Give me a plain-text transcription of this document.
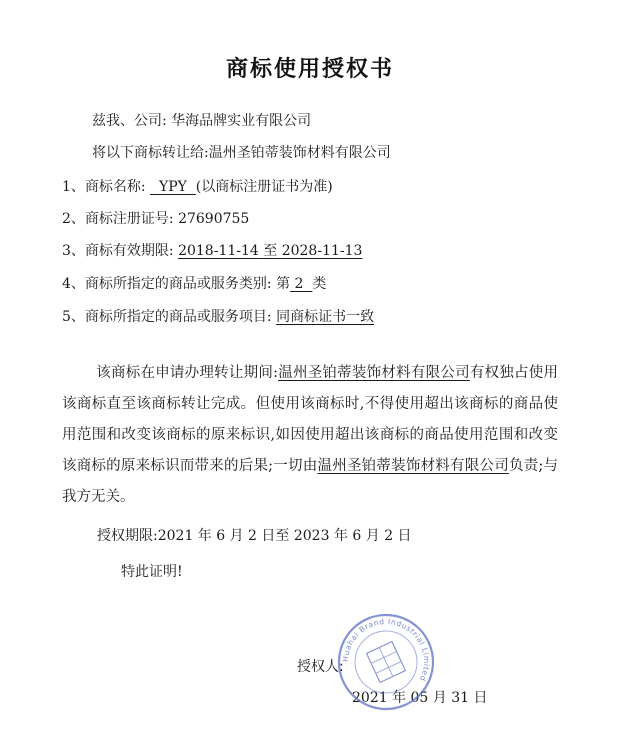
商标使用授权书
兹我、公司: 华海品牌实业有限公司
将以下商标转让给:温州圣铂蒂装饰材料有限公司
1、商标名称: YPY (以商标注册证书为准)
2、商标注册证号: 27690755
3、商标有效期限: 2018-11-14 至 2028-11-13
4、商标所指定的商品或服务类别: 第 2 类
5、商标所指定的商品或服务项目: 同商标证书一致
该商标在申请办理转让期间:温州圣铂蒂装饰材料有限公司有权独占使用该商标直至该商标转让完成。但使用该商标时,不得使用超出该商标的商品使用范围和改变该商标的原来标识,如因使用超出该商标的商品使用范围和改变该商标的原来标识而带来的后果;一切由温州圣铂蒂装饰材料有限公司负责;与我方无关。
授权期限:2021 年 6 月 2 日至 2023 年 6 月 2 日
特此证明!
授权人:
2021 年 05 月 31 日
Huahai Brand Industrial Limited
